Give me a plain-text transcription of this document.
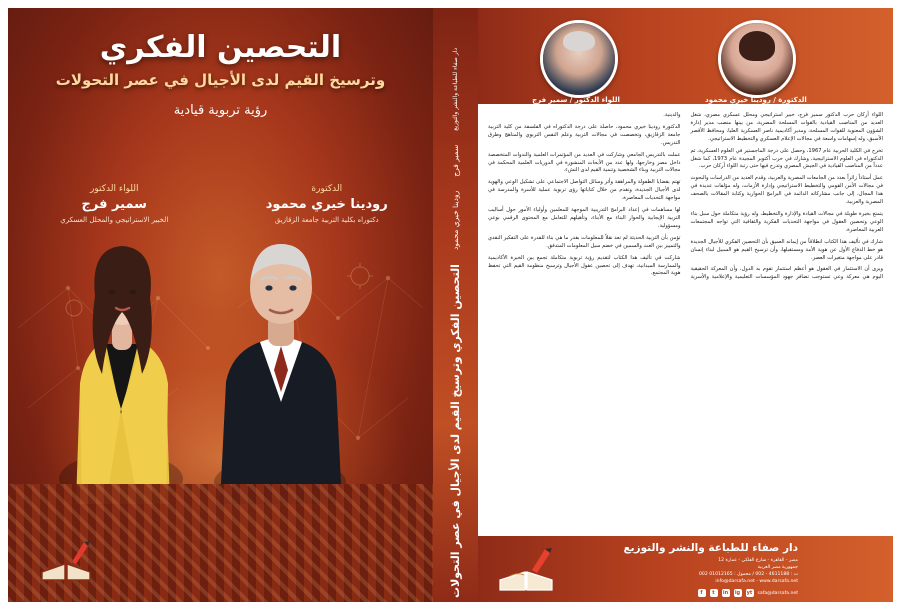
التحصين الفكري
وترسيخ القيم لدى الأجيال في عصر التحولات
رؤية تربوية قيادية
الدكتورة
رودينا خيري محمود
دكتوراه بكلية التربية جامعة الزقازيق
اللواء الدكتور
سمير فرج
الخبير الاستراتيجي والمحلل العسكري
دار صفاء للطباعة والنشر والتوزيع
سمير فرج
رودينا خيري محمود
التحصين الفكري وترسيخ القيم لدى الأجيال في عصر التحولات
الدكتورة / رودينا خيري محمود
اللواء الدكتور / سمير فرج

اللواء أركان حرب الدكتور سمير فرج، خبير استراتيجي ومحلل عسكري مصري، شغل العديد من المناصب القيادية بالقوات المسلحة المصرية، من بينها منصب مدير إدارة الشؤون المعنوية للقوات المسلحة، ومدير أكاديمية ناصر العسكرية العليا، ومحافظ الأقصر الأسبق، وله إسهامات واسعة في مجالات الإعلام العسكري والتخطيط الاستراتيجي.

تخرج في الكلية الحربية عام 1967، وحصل على درجة الماجستير في العلوم العسكرية، ثم الدكتوراه في العلوم الاستراتيجية، وشارك في حرب أكتوبر المجيدة عام 1973، كما شغل عدداً من المناصب القيادية في الجيش المصري وتدرج فيها حتى رتبة اللواء أركان حرب.

عمل أستاذاً زائراً بعدد من الجامعات المصرية والعربية، وقدم العديد من الدراسات والبحوث في مجالات الأمن القومي والتخطيط الاستراتيجي وإدارة الأزمات، وله مؤلفات عديدة في هذا المجال، إلى جانب مشاركاته الدائمة في البرامج الحوارية وكتابة المقالات بالصحف المصرية والعربية.

يتمتع بخبرة طويلة في مجالات القيادة والإدارة والتخطيط، وله رؤية متكاملة حول سبل بناء الوعي وتحصين العقول في مواجهة التحديات الفكرية والثقافية التي تواجه المجتمعات العربية المعاصرة.

شارك في تأليف هذا الكتاب انطلاقاً من إيمانه العميق بأن التحصين الفكري للأجيال الجديدة هو خط الدفاع الأول عن هوية الأمة ومستقبلها، وأن ترسيخ القيم هو السبيل لبناء إنسان قادر على مواجهة متغيرات العصر.

ويرى أن الاستثمار في العقول هو أعظم استثمار تقوم به الدول، وأن المعركة الحقيقية اليوم هي معركة وعي تستوجب تضافر جهود المؤسسات التعليمية والإعلامية والأسرية والدينية.

الدكتورة رودينا خيري محمود، حاصلة على درجة الدكتوراه في الفلسفة من كلية التربية جامعة الزقازيق، وتخصصت في مجالات التربية وعلم النفس التربوي والمناهج وطرق التدريس.

عملت بالتدريس الجامعي وشاركت في العديد من المؤتمرات العلمية والندوات المتخصصة داخل مصر وخارجها، ولها عدد من الأبحاث المنشورة في الدوريات العلمية المحكمة في مجالات التربية وبناء الشخصية وتنمية القيم لدى النشء.

تهتم بقضايا الطفولة والمراهقة وأثر وسائل التواصل الاجتماعي على تشكيل الوعي والهوية لدى الأجيال الجديدة، وتقدم من خلال كتاباتها رؤى تربوية عملية للأسرة والمدرسة في مواجهة التحديات المعاصرة.

لها مساهمات في إعداد البرامج التدريبية الموجهة للمعلمين وأولياء الأمور حول أساليب التربية الإيجابية والحوار البناء مع الأبناء، وتأهيلهم للتعامل مع المحتوى الرقمي بوعي ومسؤولية.

تؤمن بأن التربية الحديثة لم تعد نقلاً للمعلومات بقدر ما هي بناء للقدرة على التفكير النقدي والتمييز بين الغث والسمين في خضم سيل المعلومات المتدفق.

شاركت في تأليف هذا الكتاب لتقديم رؤية تربوية متكاملة تجمع بين الخبرة الأكاديمية والممارسة الميدانية، تهدف إلى تحصين عقول الأجيال وترسيخ منظومة القيم التي تحفظ هوية المجتمع.

دار صفاء للطباعة والنشر والتوزيع
مصر - القاهرة - شارع الفلكي - عمارة 12
جمهورية مصر العربية
ت : 4611188 - 002 / محمول : 01012165 002
info@darsafa.net - www.darsafa.net
f	t	in ig yt safa@darsafa.net
